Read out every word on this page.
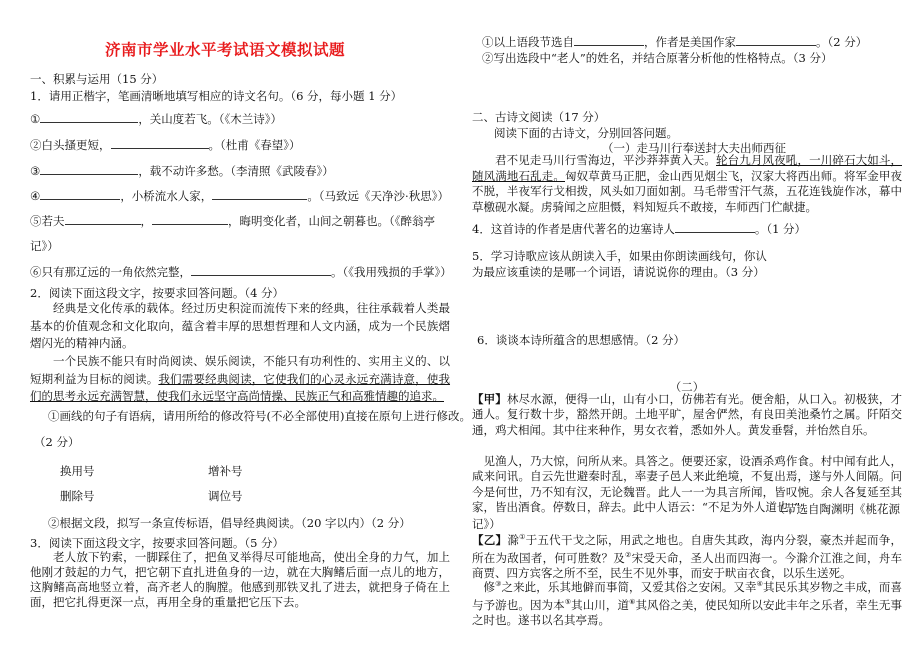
济南市学业水平考试语文模拟试题
一、积累与运用（15 分）
1．请用正楷字，笔画清晰地填写相应的诗文名句。（6 分，每小题 1 分）
①	，关山度若飞。（《木兰诗》）
②白头搔更短，	。（杜甫《春望》）
③	，载不动许多愁。（李清照《武陵春》）
④	，小桥流水人家，	。（马致远《天净沙·秋思》）
⑤若夫	，	，晦明变化者，山间之朝暮也。（《醉翁亭
记》）
⑥只有那辽远的一角依然完整，	。（《我用残损的手掌》）
2．阅读下面这段文字，按要求回答问题。（4 分）
经典是文化传承的载体。经过历史积淀而流传下来的经典，往往承载着人类最基本的价值观念和文化取向，蕴含着丰厚的思想哲理和人文内涵，成为一个民族熠熠闪光的精神内涵。
一个民族不能只有时尚阅读、娱乐阅读，不能只有功利性的、实用主义的、以短期利益为目标的阅读。我们需要经典阅读，它使我们的心灵永远充满诗意，使我们的思考永远充满智慧，使我们永远坚守高尚情操、民族正气和高雅情趣的追求。
①画线的句子有语病，请用所给的修改符号(不必全部使用)直接在原句上进行修改。
（2 分）
换用号	增补号
删除号	调位号
②根据文段，拟写一条宣传标语，倡导经典阅读。（20 字以内）（2 分）
3．阅读下面这段文字，按要求回答问题。（5 分）
老人放下钓索，一脚踩住了，把鱼叉举得尽可能地高，使出全身的力气，加上他刚才鼓起的力气，把它朝下直扎进鱼身的一边，就在大胸鳍后面一点儿的地方，这胸鳍高高地竖立着，高齐老人的胸膛。他感到那铁叉扎了进去，就把身子倚在上面，把它扎得更深一点，再用全身的重量把它压下去。
①以上语段节选自	，作者是美国作家	。（2 分）
②写出选段中“老人”的姓名，并结合原著分析他的性格特点。（3 分）
二、古诗文阅读（17 分）
阅读下面的古诗文，分别回答问题。
（一）走马川行奉送封大夫出师西征
君不见走马川行雪海边，平沙莽莽黄入天。轮台九月风夜吼，一川碎石大如斗，随风满地石乱走。匈奴草黄马正肥，金山西见烟尘飞，汉家大将西出师。将军金甲夜不脱，半夜军行戈相拨，风头如刀面如割。马毛带雪汗气蒸，五花连钱旋作冰，幕中草檄砚水凝。虏骑闻之应胆慑，料知短兵不敢接，车师西门伫献捷。
4．这首诗的作者是唐代著名的边塞诗人	。（1 分）
5．学习诗歌应该从朗读入手，如果由你朗读画线句，你认
为最应该重读的是哪一个词语，请说说你的理由。（3 分）
6．谈谈本诗所蕴含的思想感情。（2 分）
（二）
【甲】林尽水源，便得一山，山有小口，仿佛若有光。便舍船，从口入。初极狭，才通人。复行数十步，豁然开朗。土地平旷，屋舍俨然，有良田美池桑竹之属。阡陌交通，鸡犬相闻。其中往来种作，男女衣着，悉如外人。黄发垂髫，并怡然自乐。
见渔人，乃大惊，问所从来。具答之。便要还家，设酒杀鸡作食。村中闻有此人，咸来问讯。自云先世避秦时乱，率妻子邑人来此绝境，不复出焉，遂与外人间隔。问今是何世，乃不知有汉，无论魏晋。此人一一为具言所闻，皆叹惋。余人各复延至其家，皆出酒食。停数日，辞去。此中人语云：“不足为外人道也。”
（节选自陶渊明《桃花源
记》）
【乙】滁①于五代干戈之际，用武之地也。自唐失其政，海内分裂，豪杰并起而争，所在为敌国者，何可胜数？及②宋受天命，圣人出而四海一。今滁介江淮之间，舟车商贾、四方宾客之所不至，民生不见外事，而安于畎亩衣食，以乐生送死。
修③之来此，乐其地僻而事简，又爱其俗之安闲。又幸④其民乐其岁物之丰成，而喜与予游也。因为本⑤其山川，道⑥其风俗之美，使民知所以安此丰年之乐者，幸生无事之时也。遂书以名其亭焉。
